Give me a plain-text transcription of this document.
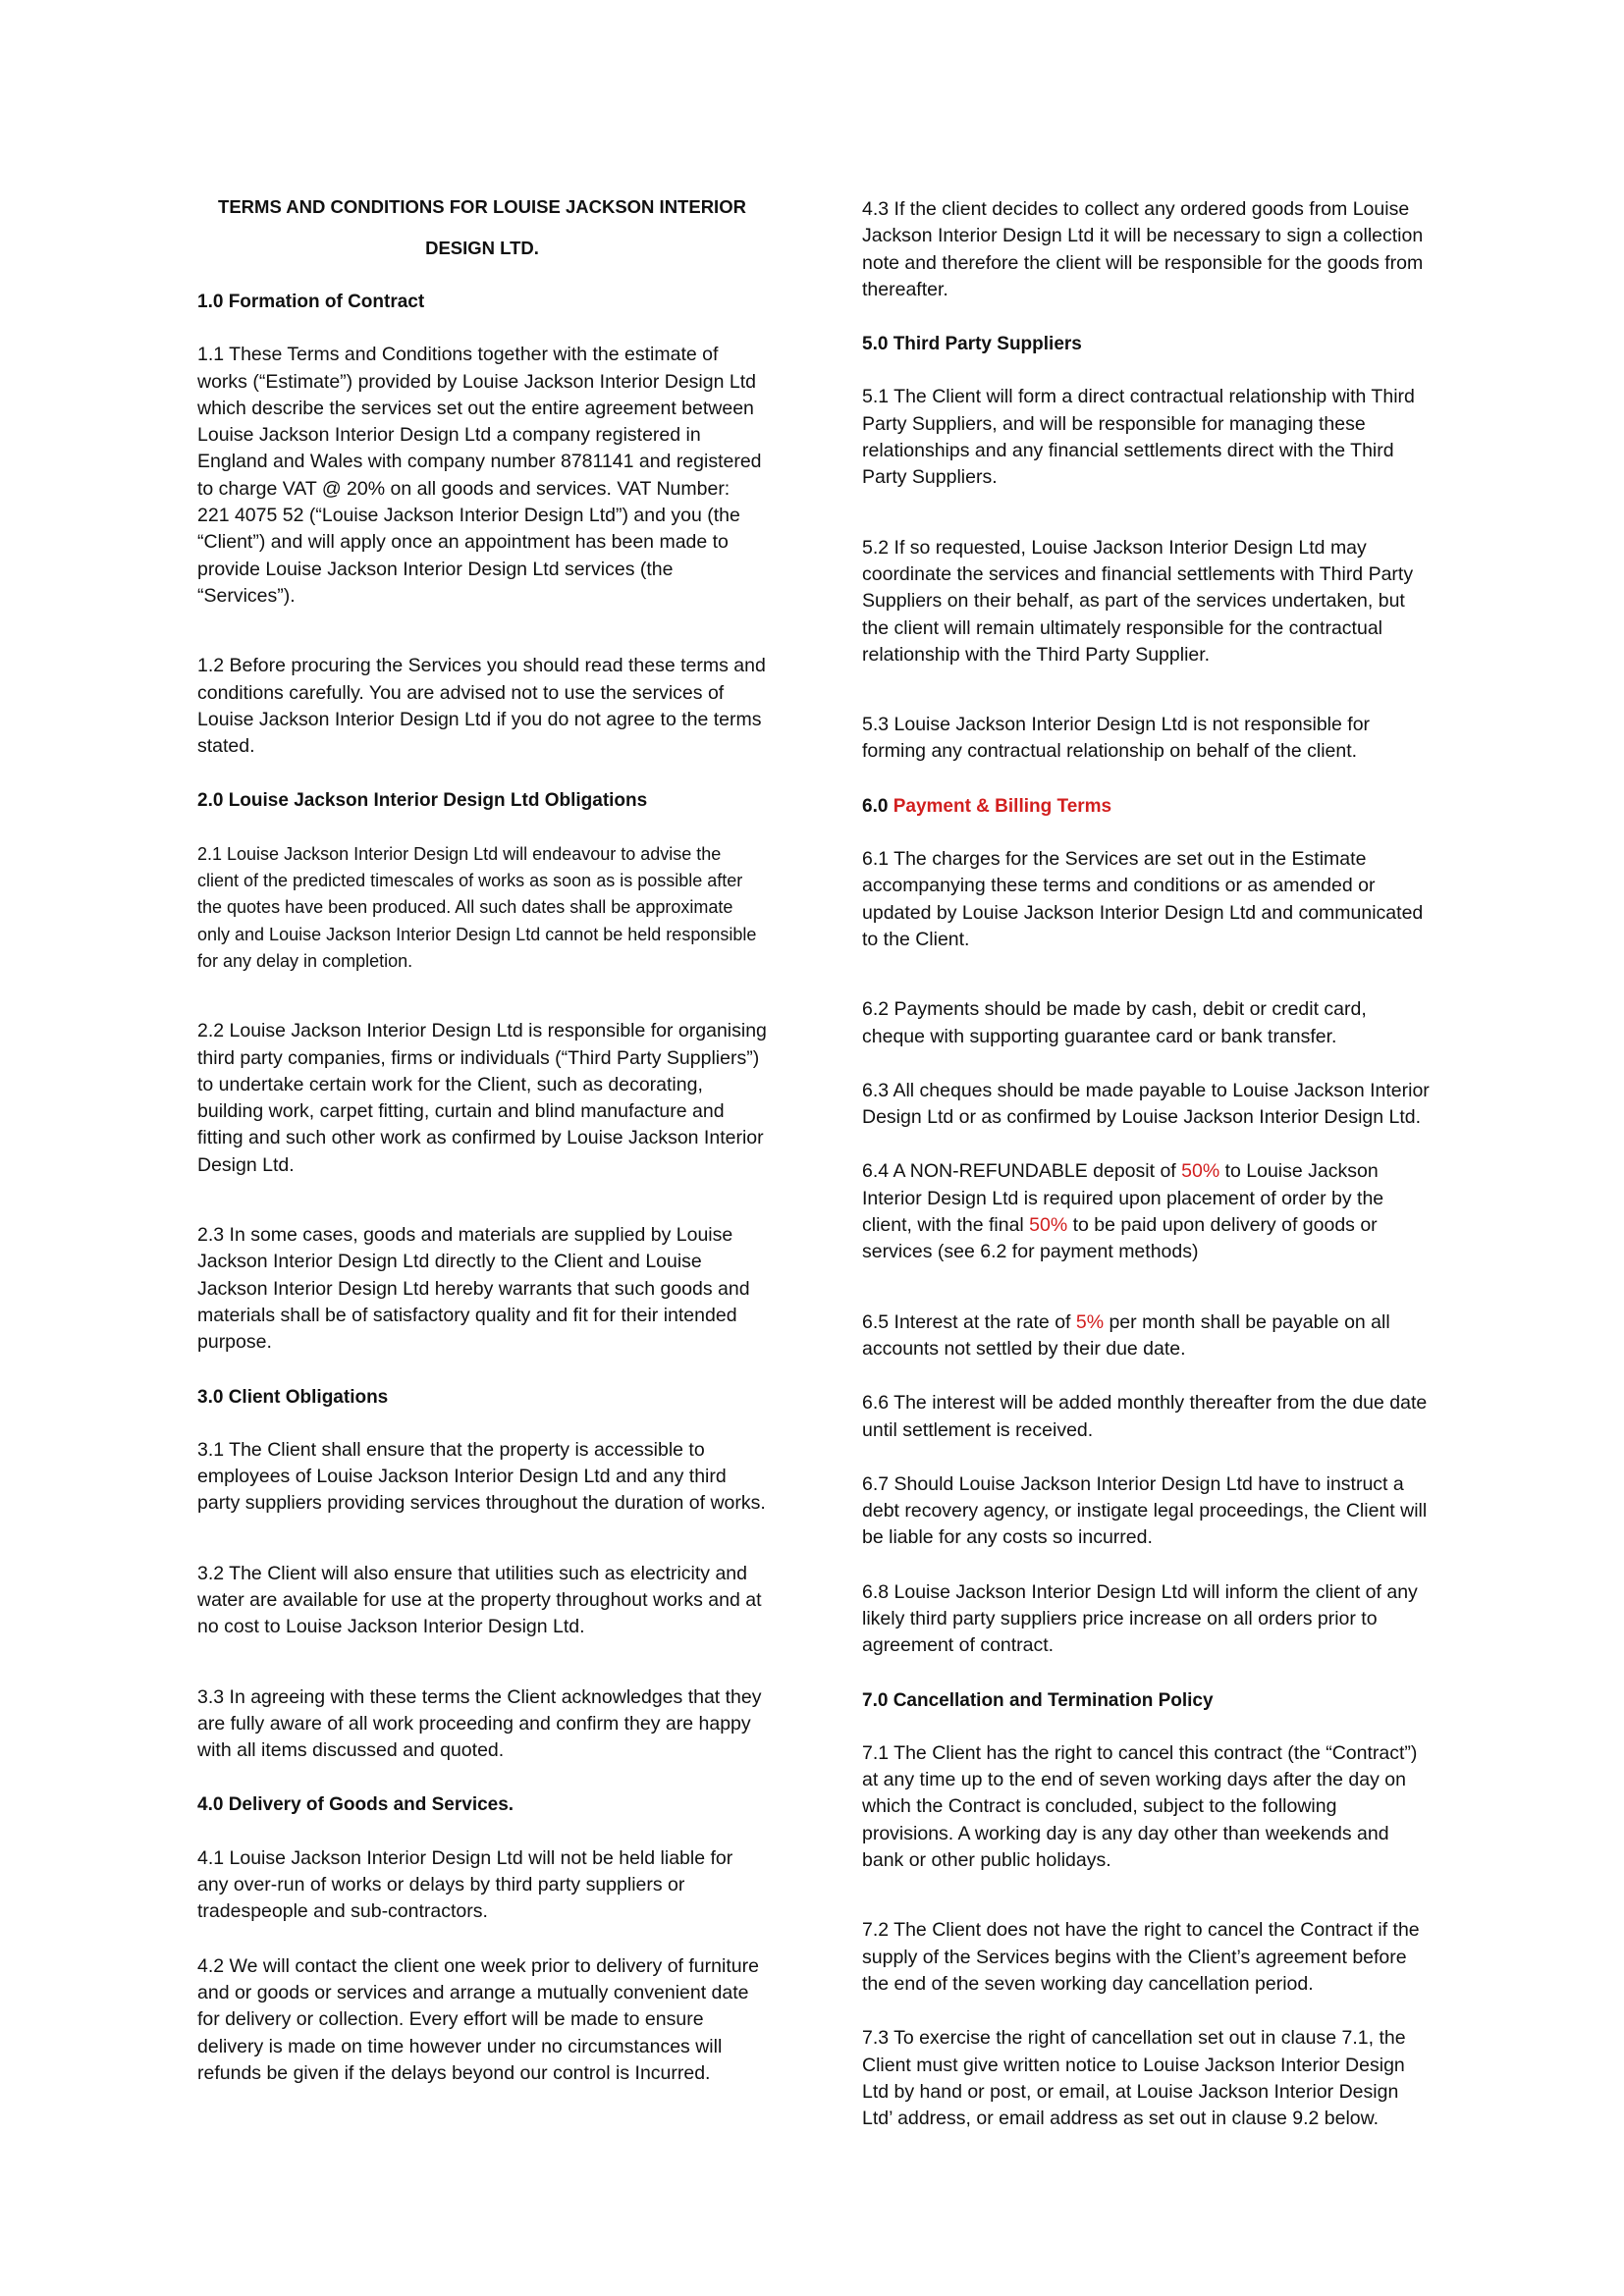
TERMS AND CONDITIONS FOR LOUISE JACKSON INTERIOR
DESIGN LTD.
1.0 Formation of Contract
1.1 These Terms and Conditions together with the estimate of works (“Estimate”) provided by Louise Jackson Interior Design Ltd which describe the services set out the entire agreement between Louise Jackson Interior Design Ltd a company registered in England and Wales with company number 8781141 and registered to charge VAT @ 20% on all goods and services. VAT Number: 221 4075 52 (“Louise Jackson Interior Design Ltd”) and you (the “Client”) and will apply once an appointment has been made to provide Louise Jackson Interior Design Ltd services (the “Services”).
1.2 Before procuring the Services you should read these terms and conditions carefully. You are advised not to use the services of Louise Jackson Interior Design Ltd if you do not agree to the terms stated.
2.0 Louise Jackson Interior Design Ltd Obligations
2.1 Louise Jackson Interior Design Ltd will endeavour to advise the client of the predicted timescales of works as soon as is possible after the quotes have been produced. All such dates shall be approximate only and Louise Jackson Interior Design Ltd cannot be held responsible for any delay in completion.
2.2 Louise Jackson Interior Design Ltd is responsible for organising third party companies, firms or individuals (“Third Party Suppliers”) to undertake certain work for the Client, such as decorating, building work, carpet fitting, curtain and blind manufacture and fitting and such other work as confirmed by Louise Jackson Interior Design Ltd.
2.3 In some cases, goods and materials are supplied by Louise Jackson Interior Design Ltd directly to the Client and Louise Jackson Interior Design Ltd hereby warrants that such goods and materials shall be of satisfactory quality and fit for their intended purpose.
3.0 Client Obligations
3.1 The Client shall ensure that the property is accessible to employees of Louise Jackson Interior Design Ltd and any third party suppliers providing services throughout the duration of works.
3.2 The Client will also ensure that utilities such as electricity and water are available for use at the property throughout works and at no cost to Louise Jackson Interior Design Ltd.
3.3 In agreeing with these terms the Client acknowledges that they are fully aware of all work proceeding and confirm they are happy with all items discussed and quoted.
4.0 Delivery of Goods and Services.
4.1 Louise Jackson Interior Design Ltd will not be held liable for any over-run of works or delays by third party suppliers or tradespeople and sub-contractors.
4.2 We will contact the client one week prior to delivery of furniture and or goods or services and arrange a mutually convenient date for delivery or collection. Every effort will be made to ensure delivery is made on time however under no circumstances will refunds be given if the delays beyond our control is Incurred.
4.3 If the client decides to collect any ordered goods from Louise Jackson Interior Design Ltd it will be necessary to sign a collection note and therefore the client will be responsible for the goods from thereafter.
5.0 Third Party Suppliers
5.1 The Client will form a direct contractual relationship with Third Party Suppliers, and will be responsible for managing these relationships and any financial settlements direct with the Third Party Suppliers.
5.2 If so requested, Louise Jackson Interior Design Ltd may coordinate the services and financial settlements with Third Party Suppliers on their behalf, as part of the services undertaken, but the client will remain ultimately responsible for the contractual relationship with the Third Party Supplier.
5.3 Louise Jackson Interior Design Ltd is not responsible for forming any contractual relationship on behalf of the client.
6.0 Payment & Billing Terms
6.1 The charges for the Services are set out in the Estimate accompanying these terms and conditions or as amended or updated by Louise Jackson Interior Design Ltd and communicated to the Client.
6.2 Payments should be made by cash, debit or credit card, cheque with supporting guarantee card or bank transfer.
6.3 All cheques should be made payable to Louise Jackson Interior Design Ltd or as confirmed by Louise Jackson Interior Design Ltd.
6.4 A NON-REFUNDABLE deposit of 50% to Louise Jackson Interior Design Ltd is required upon placement of order by the client, with the final 50% to be paid upon delivery of goods or services (see 6.2 for payment methods)
6.5 Interest at the rate of 5% per month shall be payable on all accounts not settled by their due date.
6.6 The interest will be added monthly thereafter from the due date until settlement is received.
6.7 Should Louise Jackson Interior Design Ltd have to instruct a debt recovery agency, or instigate legal proceedings, the Client will be liable for any costs so incurred.
6.8 Louise Jackson Interior Design Ltd will inform the client of any likely third party suppliers price increase on all orders prior to agreement of contract.
7.0 Cancellation and Termination Policy
7.1 The Client has the right to cancel this contract (the “Contract”) at any time up to the end of seven working days after the day on which the Contract is concluded, subject to the following provisions. A working day is any day other than weekends and bank or other public holidays.
7.2 The Client does not have the right to cancel the Contract if the supply of the Services begins with the Client’s agreement before the end of the seven working day cancellation period.
7.3 To exercise the right of cancellation set out in clause 7.1, the Client must give written notice to Louise Jackson Interior Design Ltd by hand or post, or email, at Louise Jackson Interior Design Ltd’ address, or email address as set out in clause 9.2 below.
